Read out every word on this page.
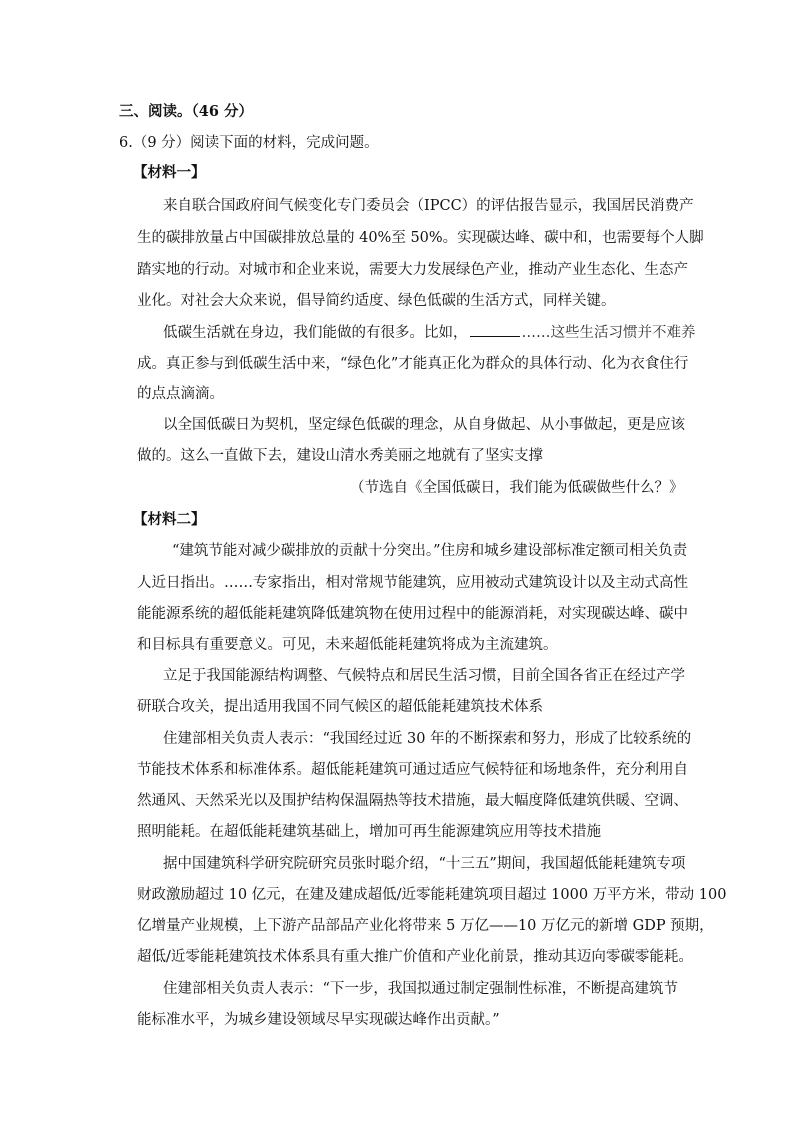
三、阅读。（46 分）
6.（9 分）阅读下面的材料，完成问题。
【材料一】
来自联合国政府间气候变化专门委员会（IPCC）的评估报告显示，我国居民消费产
生的碳排放量占中国碳排放总量的 40%至 50%。实现碳达峰、碳中和，也需要每个人脚
踏实地的行动。对城市和企业来说，需要大力发展绿色产业，推动产业生态化、生态产
业化。对社会大众来说，倡导简约适度、绿色低碳的生活方式，同样关键。
低碳生活就在身边，我们能做的有很多。比如，	……这些生活习惯并不难养
成。真正参与到低碳生活中来，“绿色化”才能真正化为群众的具体行动、化为衣食住行
的点点滴滴。
以全国低碳日为契机，坚定绿色低碳的理念，从自身做起、从小事做起，更是应该
做的。这么一直做下去，建设山清水秀美丽之地就有了坚实支撑
（节选自《全国低碳日，我们能为低碳做些什么？》
【材料二】
“建筑节能对减少碳排放的贡献十分突出。”住房和城乡建设部标准定额司相关负责
人近日指出。……专家指出，相对常规节能建筑，应用被动式建筑设计以及主动式高性
能能源系统的超低能耗建筑降低建筑物在使用过程中的能源消耗，对实现碳达峰、碳中
和目标具有重要意义。可见，未来超低能耗建筑将成为主流建筑。
立足于我国能源结构调整、气候特点和居民生活习惯，目前全国各省正在经过产学
研联合攻关，提出适用我国不同气候区的超低能耗建筑技术体系
住建部相关负责人表示：“我国经过近 30 年的不断探索和努力，形成了比较系统的
节能技术体系和标准体系。超低能耗建筑可通过适应气候特征和场地条件，充分利用自
然通风、天然采光以及围护结构保温隔热等技术措施，最大幅度降低建筑供暖、空调、
照明能耗。在超低能耗建筑基础上，增加可再生能源建筑应用等技术措施
据中国建筑科学研究院研究员张时聪介绍，“十三五”期间，我国超低能耗建筑专项
财政激励超过 10 亿元，在建及建成超低/近零能耗建筑项目超过 1000 万平方米，带动 100
亿增量产业规模，上下游产品部品产业化将带来 5 万亿——10 万亿元的新增 GDP 预期，
超低/近零能耗建筑技术体系具有重大推广价值和产业化前景，推动其迈向零碳零能耗。
住建部相关负责人表示：“下一步，我国拟通过制定强制性标准，不断提高建筑节
能标准水平，为城乡建设领域尽早实现碳达峰作出贡献。”
